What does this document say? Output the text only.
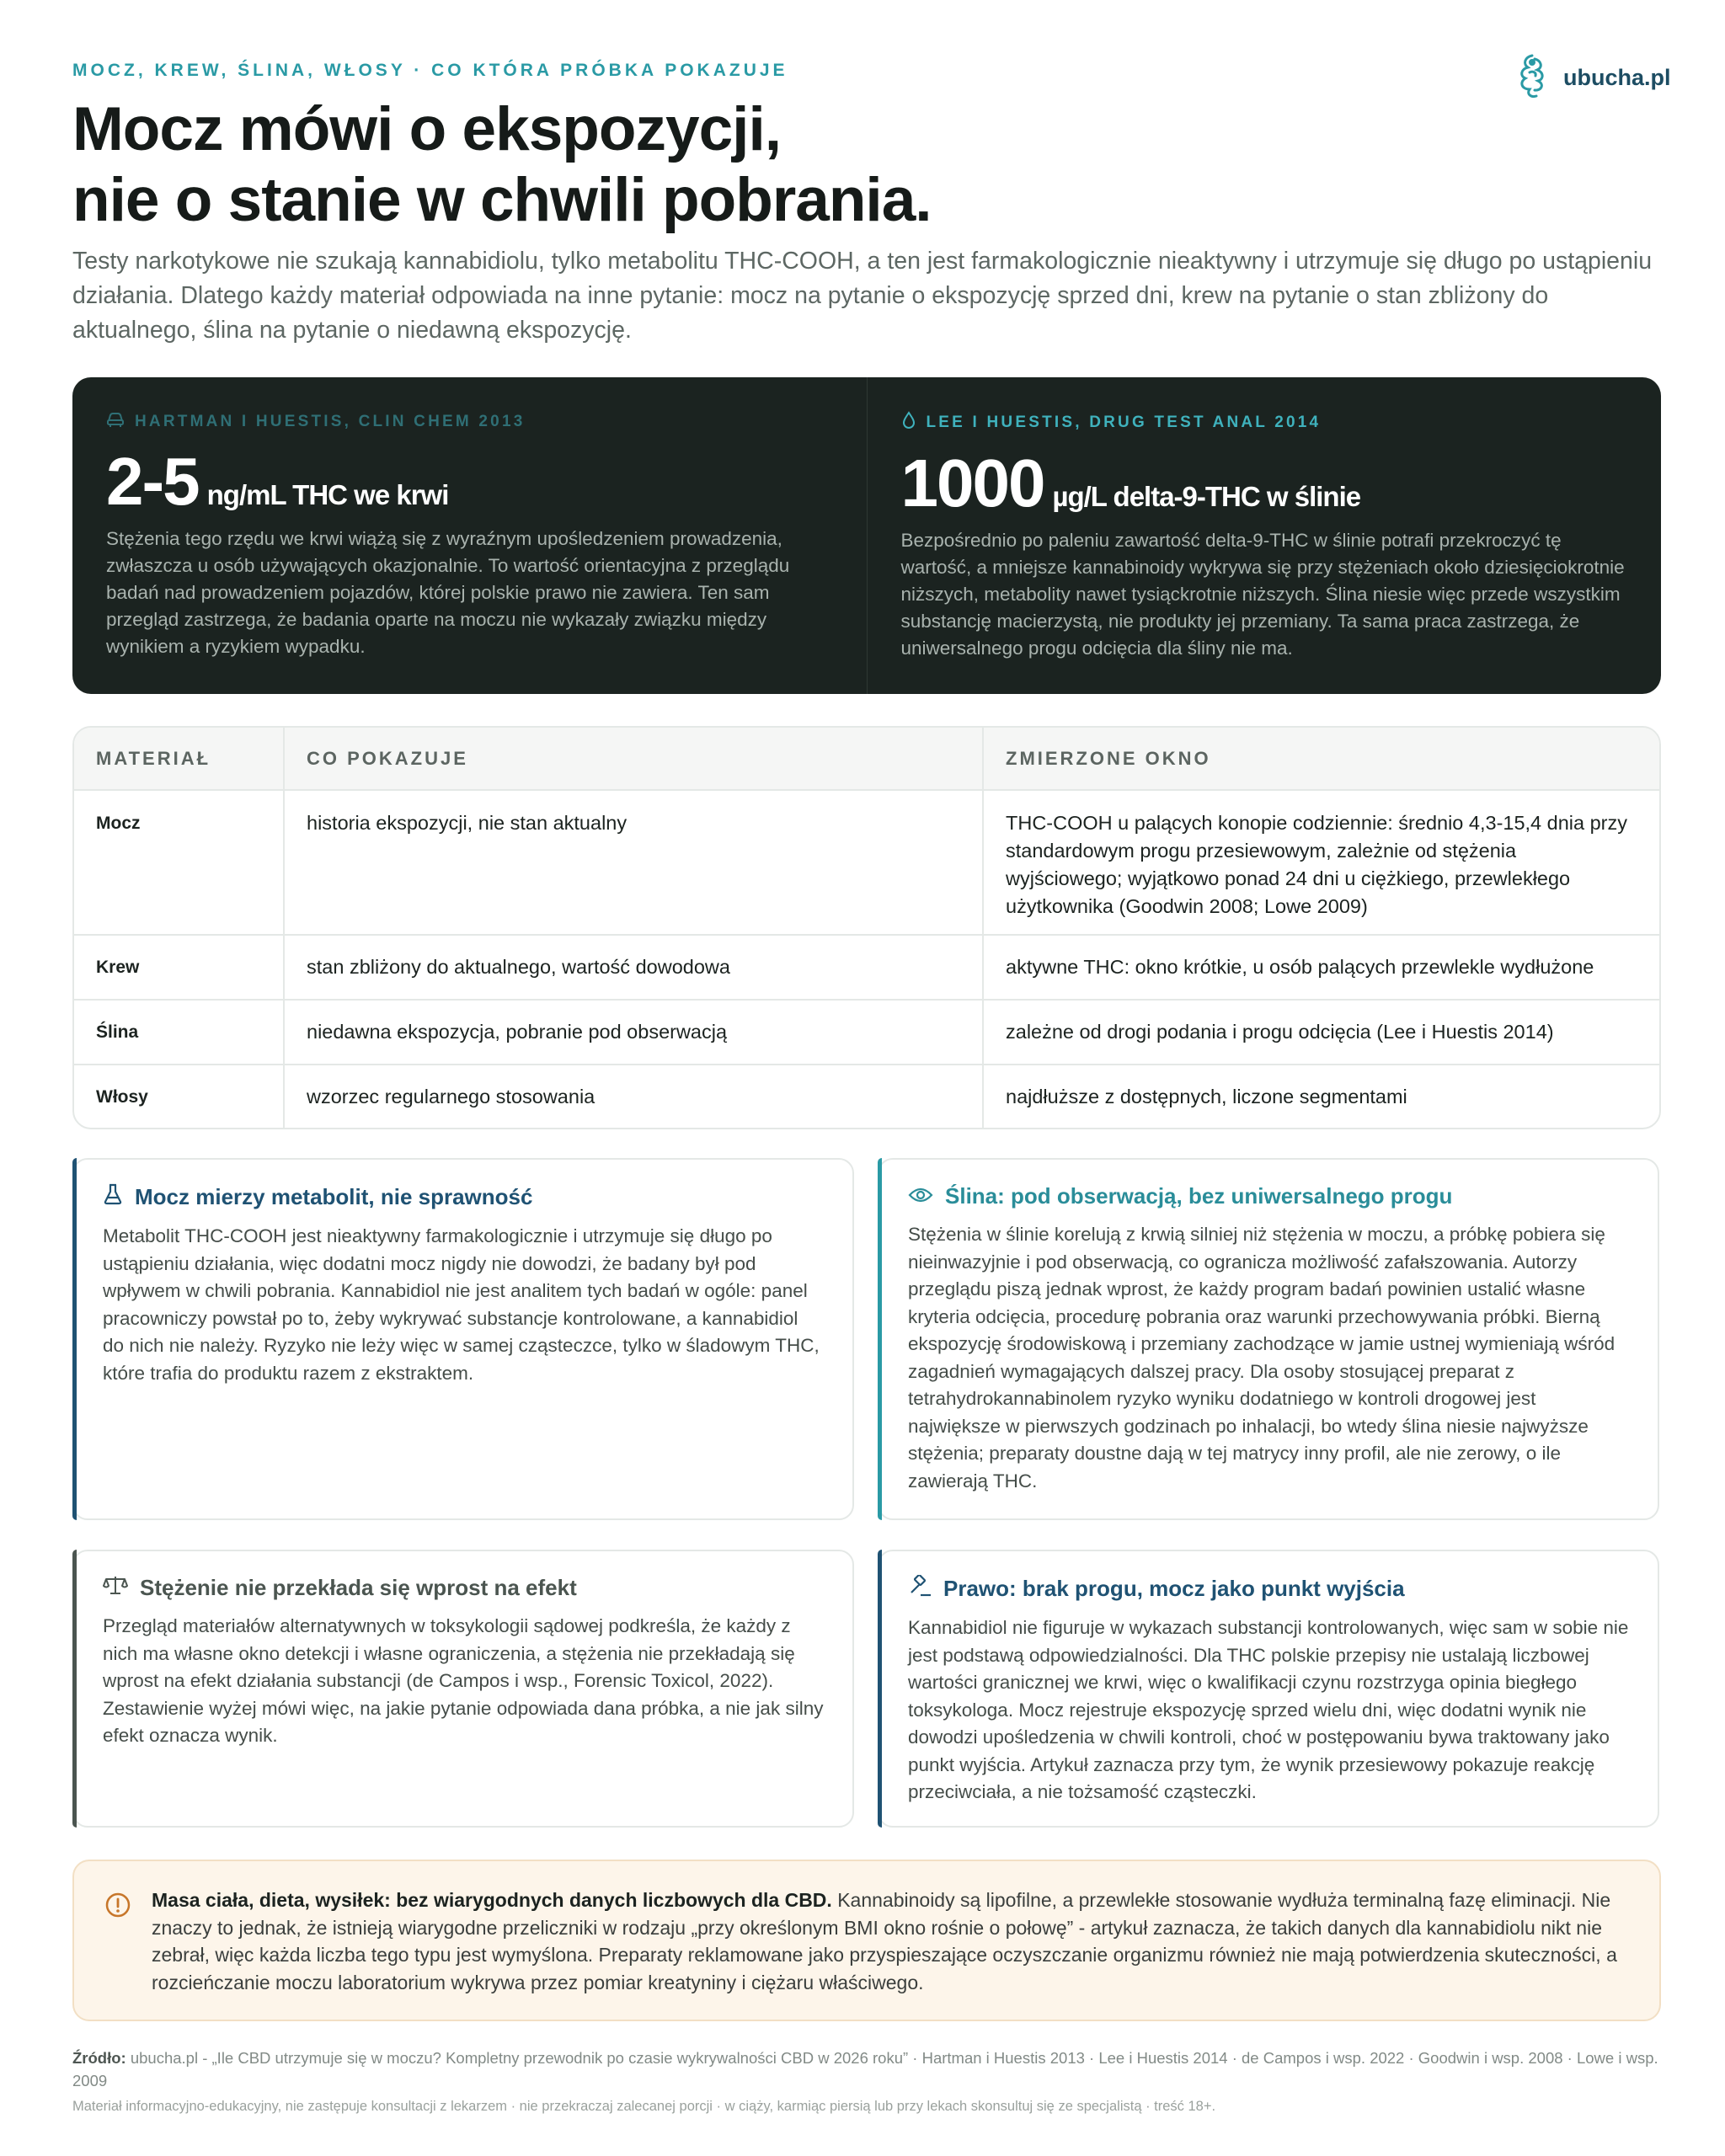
MOCZ, KREW, ŚLINA, WŁOSY · CO KTÓRA PRÓBKA POKAZUJE	ubucha.pl
Mocz mówi o ekspozycji,
nie o stanie w chwili pobrania.

Testy narkotykowe nie szukają kannabidiolu, tylko metabolitu THC‑COOH, a ten jest farmakologicznie nieaktywny i utrzymuje się długo po ustąpieniu działania. Dlatego każdy materiał odpowiada na inne pytanie: mocz na pytanie o ekspozycję sprzed dni, krew na pytanie o stan zbliżony do aktualnego, ślina na pytanie o niedawną ekspozycję.

HARTMAN I HUESTIS, CLIN CHEM 2013
2‑5 ng/mL THC we krwi

Stężenia tego rzędu we krwi wiążą się z wyraźnym upośledzeniem prowadzenia, zwłaszcza u osób używających okazjonalnie. To wartość orientacyjna z przeglądu badań nad prowadzeniem pojazdów, której polskie prawo nie zawiera. Ten sam przegląd zastrzega, że badania oparte na moczu nie wykazały związku między wynikiem a ryzykiem wypadku.

LEE I HUESTIS, DRUG TEST ANAL 2014
1000 µg/L delta‑9‑THC w ślinie

Bezpośrednio po paleniu zawartość delta‑9‑THC w ślinie potrafi przekroczyć tę wartość, a mniejsze kannabinoidy wykrywa się przy stężeniach około dziesięciokrotnie niższych, metabolity nawet tysiąckrotnie niższych. Ślina niesie więc przede wszystkim substancję macierzystą, nie produkty jej przemiany. Ta sama praca zastrzega, że uniwersalnego progu odcięcia dla śliny nie ma.

MATERIAŁ	CO POKAZUJE	ZMIERZONE OKNO
Mocz	historia ekspozycji, nie stan aktualny	THC‑COOH u palących konopie codziennie: średnio 4,3‑15,4 dnia przy standardowym progu przesiewowym, zależnie od stężenia wyjściowego; wyjątkowo ponad 24 dni u ciężkiego, przewlekłego użytkownika (Goodwin 2008; Lowe 2009)
Krew	stan zbliżony do aktualnego, wartość dowodowa	aktywne THC: okno krótkie, u osób palących przewlekle wydłużone
Ślina	niedawna ekspozycja, pobranie pod obserwacją	zależne od drogi podania i progu odcięcia (Lee i Huestis 2014)
Włosy	wzorzec regularnego stosowania	najdłuższe z dostępnych, liczone segmentami
Mocz mierzy metabolit, nie sprawność

Metabolit THC‑COOH jest nieaktywny farmakologicznie i utrzymuje się długo po ustąpieniu działania, więc dodatni mocz nigdy nie dowodzi, że badany był pod wpływem w chwili pobrania. Kannabidiol nie jest analitem tych badań w ogóle: panel pracowniczy powstał po to, żeby wykrywać substancje kontrolowane, a kannabidiol do nich nie należy. Ryzyko nie leży więc w samej cząsteczce, tylko w śladowym THC, które trafia do produktu razem z ekstraktem.

Ślina: pod obserwacją, bez uniwersalnego progu

Stężenia w ślinie korelują z krwią silniej niż stężenia w moczu, a próbkę pobiera się nieinwazyjnie i pod obserwacją, co ogranicza możliwość zafałszowania. Autorzy przeglądu piszą jednak wprost, że każdy program badań powinien ustalić własne kryteria odcięcia, procedurę pobrania oraz warunki przechowywania próbki. Bierną ekspozycję środowiskową i przemiany zachodzące w jamie ustnej wymieniają wśród zagadnień wymagających dalszej pracy. Dla osoby stosującej preparat z tetrahydrokannabinolem ryzyko wyniku dodatniego w kontroli drogowej jest największe w pierwszych godzinach po inhalacji, bo wtedy ślina niesie najwyższe stężenia; preparaty doustne dają w tej matrycy inny profil, ale nie zerowy, o ile zawierają THC.

Stężenie nie przekłada się wprost na efekt

Przegląd materiałów alternatywnych w toksykologii sądowej podkreśla, że każdy z nich ma własne okno detekcji i własne ograniczenia, a stężenia nie przekładają się wprost na efekt działania substancji (de Campos i wsp., Forensic Toxicol, 2022). Zestawienie wyżej mówi więc, na jakie pytanie odpowiada dana próbka, a nie jak silny efekt oznacza wynik.

Prawo: brak progu, mocz jako punkt wyjścia

Kannabidiol nie figuruje w wykazach substancji kontrolowanych, więc sam w sobie nie jest podstawą odpowiedzialności. Dla THC polskie przepisy nie ustalają liczbowej wartości granicznej we krwi, więc o kwalifikacji czynu rozstrzyga opinia biegłego toksykologa. Mocz rejestruje ekspozycję sprzed wielu dni, więc dodatni wynik nie dowodzi upośledzenia w chwili kontroli, choć w postępowaniu bywa traktowany jako punkt wyjścia. Artykuł zaznacza przy tym, że wynik przesiewowy pokazuje reakcję przeciwciała, a nie tożsamość cząsteczki.

Masa ciała, dieta, wysiłek: bez wiarygodnych danych liczbowych dla CBD. Kannabinoidy są lipofilne, a przewlekłe stosowanie wydłuża terminalną fazę eliminacji. Nie znaczy to jednak, że istnieją wiarygodne przeliczniki w rodzaju „przy określonym BMI okno rośnie o połowę” ‑ artykuł zaznacza, że takich danych dla kannabidiolu nikt nie zebrał, więc każda liczba tego typu jest wymyślona. Preparaty reklamowane jako przyspieszające oczyszczanie organizmu również nie mają potwierdzenia skuteczności, a rozcieńczanie moczu laboratorium wykrywa przez pomiar kreatyniny i ciężaru właściwego.

Źródło: ubucha.pl ‑ „Ile CBD utrzymuje się w moczu? Kompletny przewodnik po czasie wykrywalności CBD w 2026 roku” · Hartman i Huestis 2013 · Lee i Huestis 2014 · de Campos i wsp. 2022 · Goodwin i wsp. 2008 · Lowe i wsp. 2009

Materiał informacyjno‑edukacyjny, nie zastępuje konsultacji z lekarzem · nie przekraczaj zalecanej porcji · w ciąży, karmiąc piersią lub przy lekach skonsultuj się ze specjalistą · treść 18+.
